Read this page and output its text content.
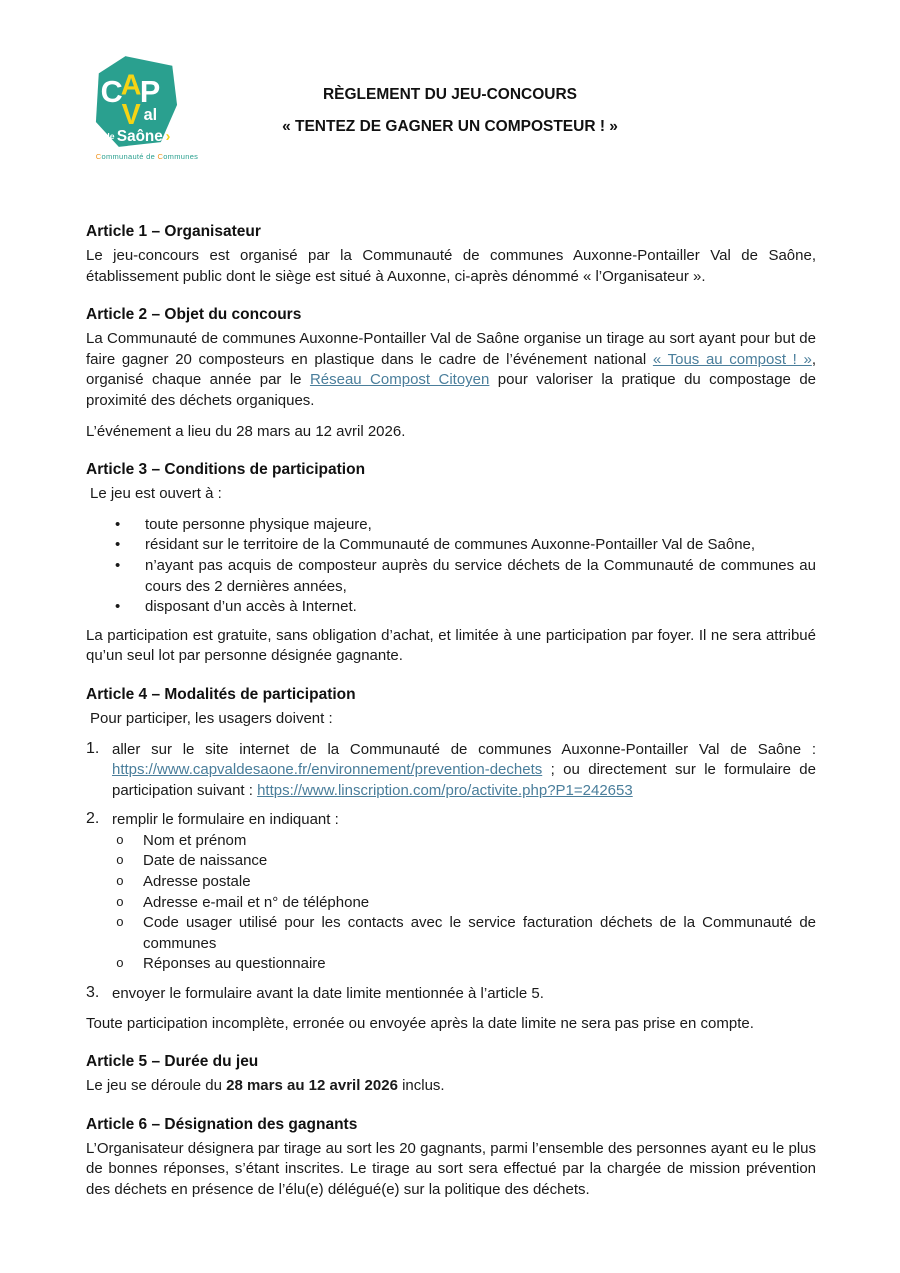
C
A
P
V al
de Saône ›
Communauté de Communes
RÈGLEMENT DU JEU-CONCOURS
« TENTEZ DE GAGNER UN COMPOSTEUR ! »
Article 1 – Organisateur

Le jeu-concours est organisé par la Communauté de communes Auxonne-Pontailler Val de Saône, établissement public dont le siège est situé à Auxonne, ci-après dénommé « l’Organisateur ».

Article 2 – Objet du concours

La Communauté de communes Auxonne-Pontailler Val de Saône organise un tirage au sort ayant pour but de faire gagner 20 composteurs en plastique dans le cadre de l’événement national « Tous au compost ! », organisé chaque année par le Réseau Compost Citoyen pour valoriser la pratique du compostage de proximité des déchets organiques.

L’événement a lieu du 28 mars au 12 avril 2026.

Article 3 – Conditions de participation

Le jeu est ouvert à :

•	toute personne physique majeure,
•	résidant sur le territoire de la Communauté de communes Auxonne-Pontailler Val de Saône,
•	n’ayant pas acquis de composteur auprès du service déchets de la Communauté de communes au cours des 2 dernières années,
•	disposant d’un accès à Internet.

La participation est gratuite, sans obligation d’achat, et limitée à une participation par foyer. Il ne sera attribué qu’un seul lot par personne désignée gagnante.

Article 4 – Modalités de participation

Pour participer, les usagers doivent :

1. aller sur le site internet de la Communauté de communes Auxonne-Pontailler Val de Saône : https://www.capvaldesaone.fr/environnement/prevention-dechets ; ou directement sur le formulaire de participation suivant : https://www.linscription.com/pro/activite.php?P1=242653
2. remplir le formulaire en indiquant :
o	Nom et prénom
o	Date de naissance
o	Adresse postale
o	Adresse e-mail et n° de téléphone
o	Code usager utilisé pour les contacts avec le service facturation déchets de la Communauté de communes
o	Réponses au questionnaire
3. envoyer le formulaire avant la date limite mentionnée à l’article 5.

Toute participation incomplète, erronée ou envoyée après la date limite ne sera pas prise en compte.

Article 5 – Durée du jeu

Le jeu se déroule du 28 mars au 12 avril 2026 inclus.

Article 6 – Désignation des gagnants

L’Organisateur désignera par tirage au sort les 20 gagnants, parmi l’ensemble des personnes ayant eu le plus de bonnes réponses, s’étant inscrites. Le tirage au sort sera effectué par la chargée de mission prévention des déchets en présence de l’élu(e) délégué(e) sur la politique des déchets.
